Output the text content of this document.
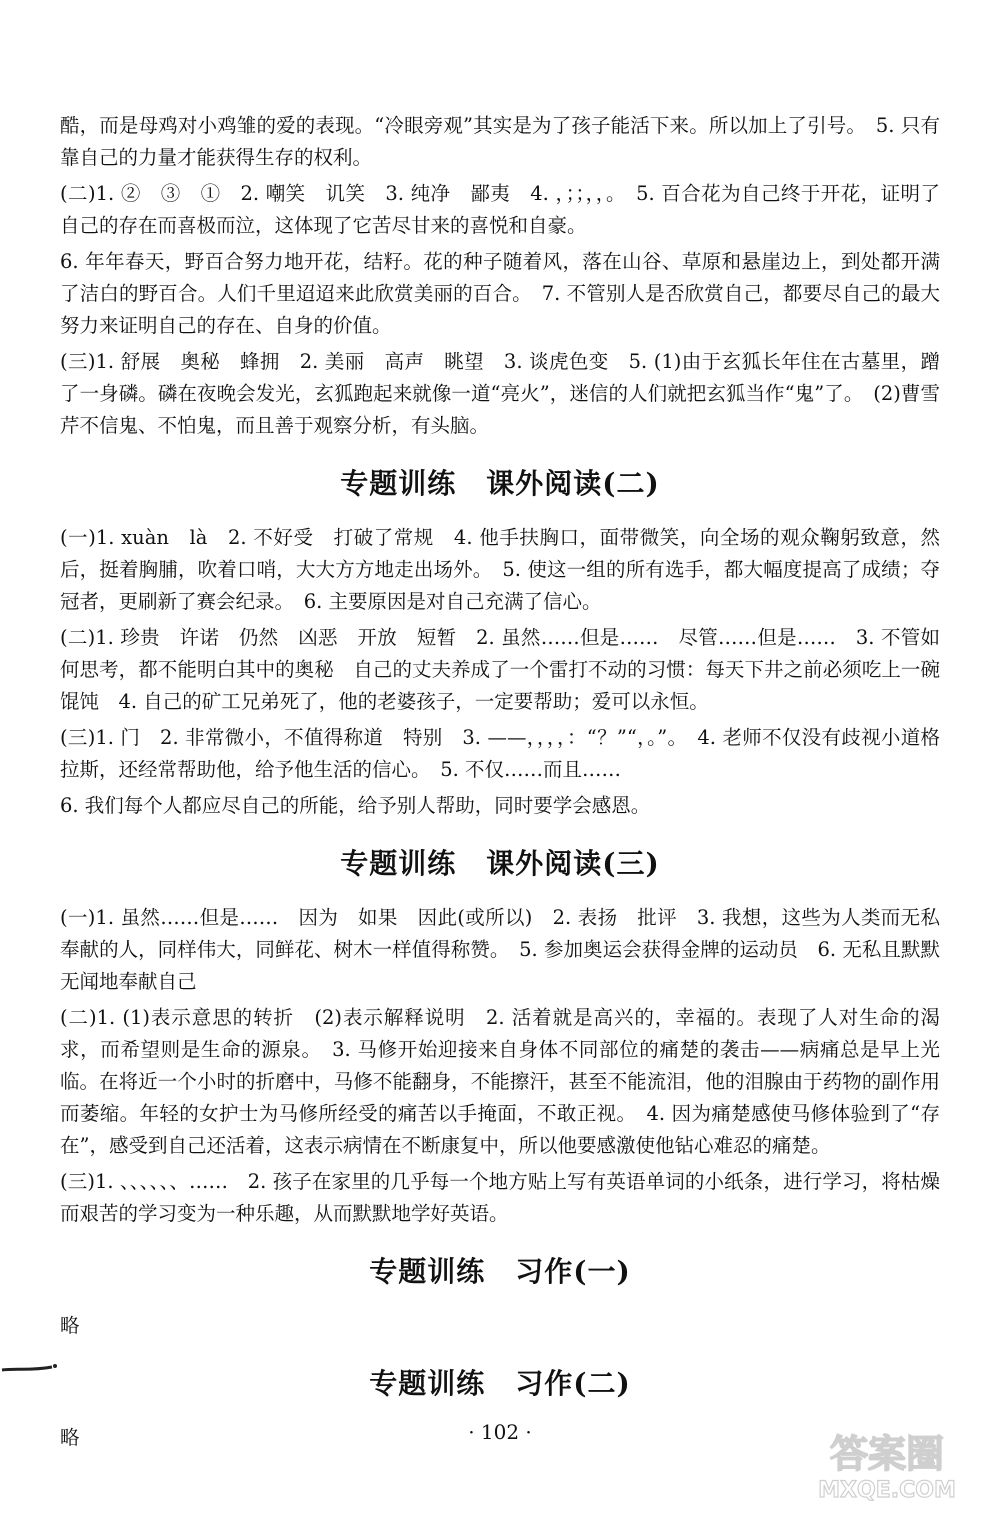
酷，而是母鸡对小鸡雏的爱的表现。“冷眼旁观”其实是为了孩子能活下来。所以加上了引号。　5. 只有靠自己的力量才能获得生存的权利。

(二)1. ②　③　①　2. 嘲笑　讥笑　3. 纯净　鄙夷　4. ，；；，，。　5. 百合花为自己终于开花，证明了自己的存在而喜极而泣，这体现了它苦尽甘来的喜悦和自豪。

6. 年年春天，野百合努力地开花，结籽。花的种子随着风，落在山谷、草原和悬崖边上，到处都开满了洁白的野百合。人们千里迢迢来此欣赏美丽的百合。　7. 不管别人是否欣赏自己，都要尽自己的最大努力来证明自己的存在、自身的价值。

(三)1. 舒展　奥秘　蜂拥　2. 美丽　高声　眺望　3. 谈虎色变　5. (1)由于玄狐长年住在古墓里，蹭了一身磷。磷在夜晚会发光，玄狐跑起来就像一道“亮火”，迷信的人们就把玄狐当作“鬼”了。　(2)曹雪芹不信鬼、不怕鬼，而且善于观察分析，有头脑。

专题训练 课外阅读(二)

(一)1. xuàn　là　2. 不好受　打破了常规　4. 他手扶胸口，面带微笑，向全场的观众鞠躬致意，然后，挺着胸脯，吹着口哨，大大方方地走出场外。　5. 使这一组的所有选手，都大幅度提高了成绩；夺冠者，更刷新了赛会纪录。　6. 主要原因是对自己充满了信心。

(二)1. 珍贵　许诺　仍然　凶恶　开放　短暂　2. 虽然……但是……　尽管……但是……　3. 不管如何思考，都不能明白其中的奥秘　自己的丈夫养成了一个雷打不动的习惯：每天下井之前必须吃上一碗馄饨　4. 自己的矿工兄弟死了，他的老婆孩子，一定要帮助；爱可以永恒。

(三)1. 门　2. 非常微小，不值得称道　特别　3. ——，，，，：“？”“，。”。　4. 老师不仅没有歧视小道格拉斯，还经常帮助他，给予他生活的信心。　5. 不仅……而且……

6. 我们每个人都应尽自己的所能，给予别人帮助，同时要学会感恩。

专题训练 课外阅读(三)

(一)1. 虽然……但是……　因为　如果　因此(或所以)　2. 表扬　批评　3. 我想，这些为人类而无私奉献的人，同样伟大，同鲜花、树木一样值得称赞。　5. 参加奥运会获得金牌的运动员　6. 无私且默默无闻地奉献自己

(二)1. (1)表示意思的转折　(2)表示解释说明　2. 活着就是高兴的，幸福的。表现了人对生命的渴求，而希望则是生命的源泉。　3. 马修开始迎接来自身体不同部位的痛楚的袭击——病痛总是早上光临。在将近一个小时的折磨中，马修不能翻身，不能擦汗，甚至不能流泪，他的泪腺由于药物的副作用而萎缩。年轻的女护士为马修所经受的痛苦以手掩面，不敢正视。　4. 因为痛楚感使马修体验到了“存在”，感受到自己还活着，这表示病情在不断康复中，所以他要感激使他钻心难忍的痛楚。

(三)1. 、、、、、、……　2. 孩子在家里的几乎每一个地方贴上写有英语单词的小纸条，进行学习，将枯燥而艰苦的学习变为一种乐趣，从而默默地学好英语。

专题训练 习作(一)

略

专题训练 习作(二)

略	· 102 ·	答案圈
MXQE.COM
